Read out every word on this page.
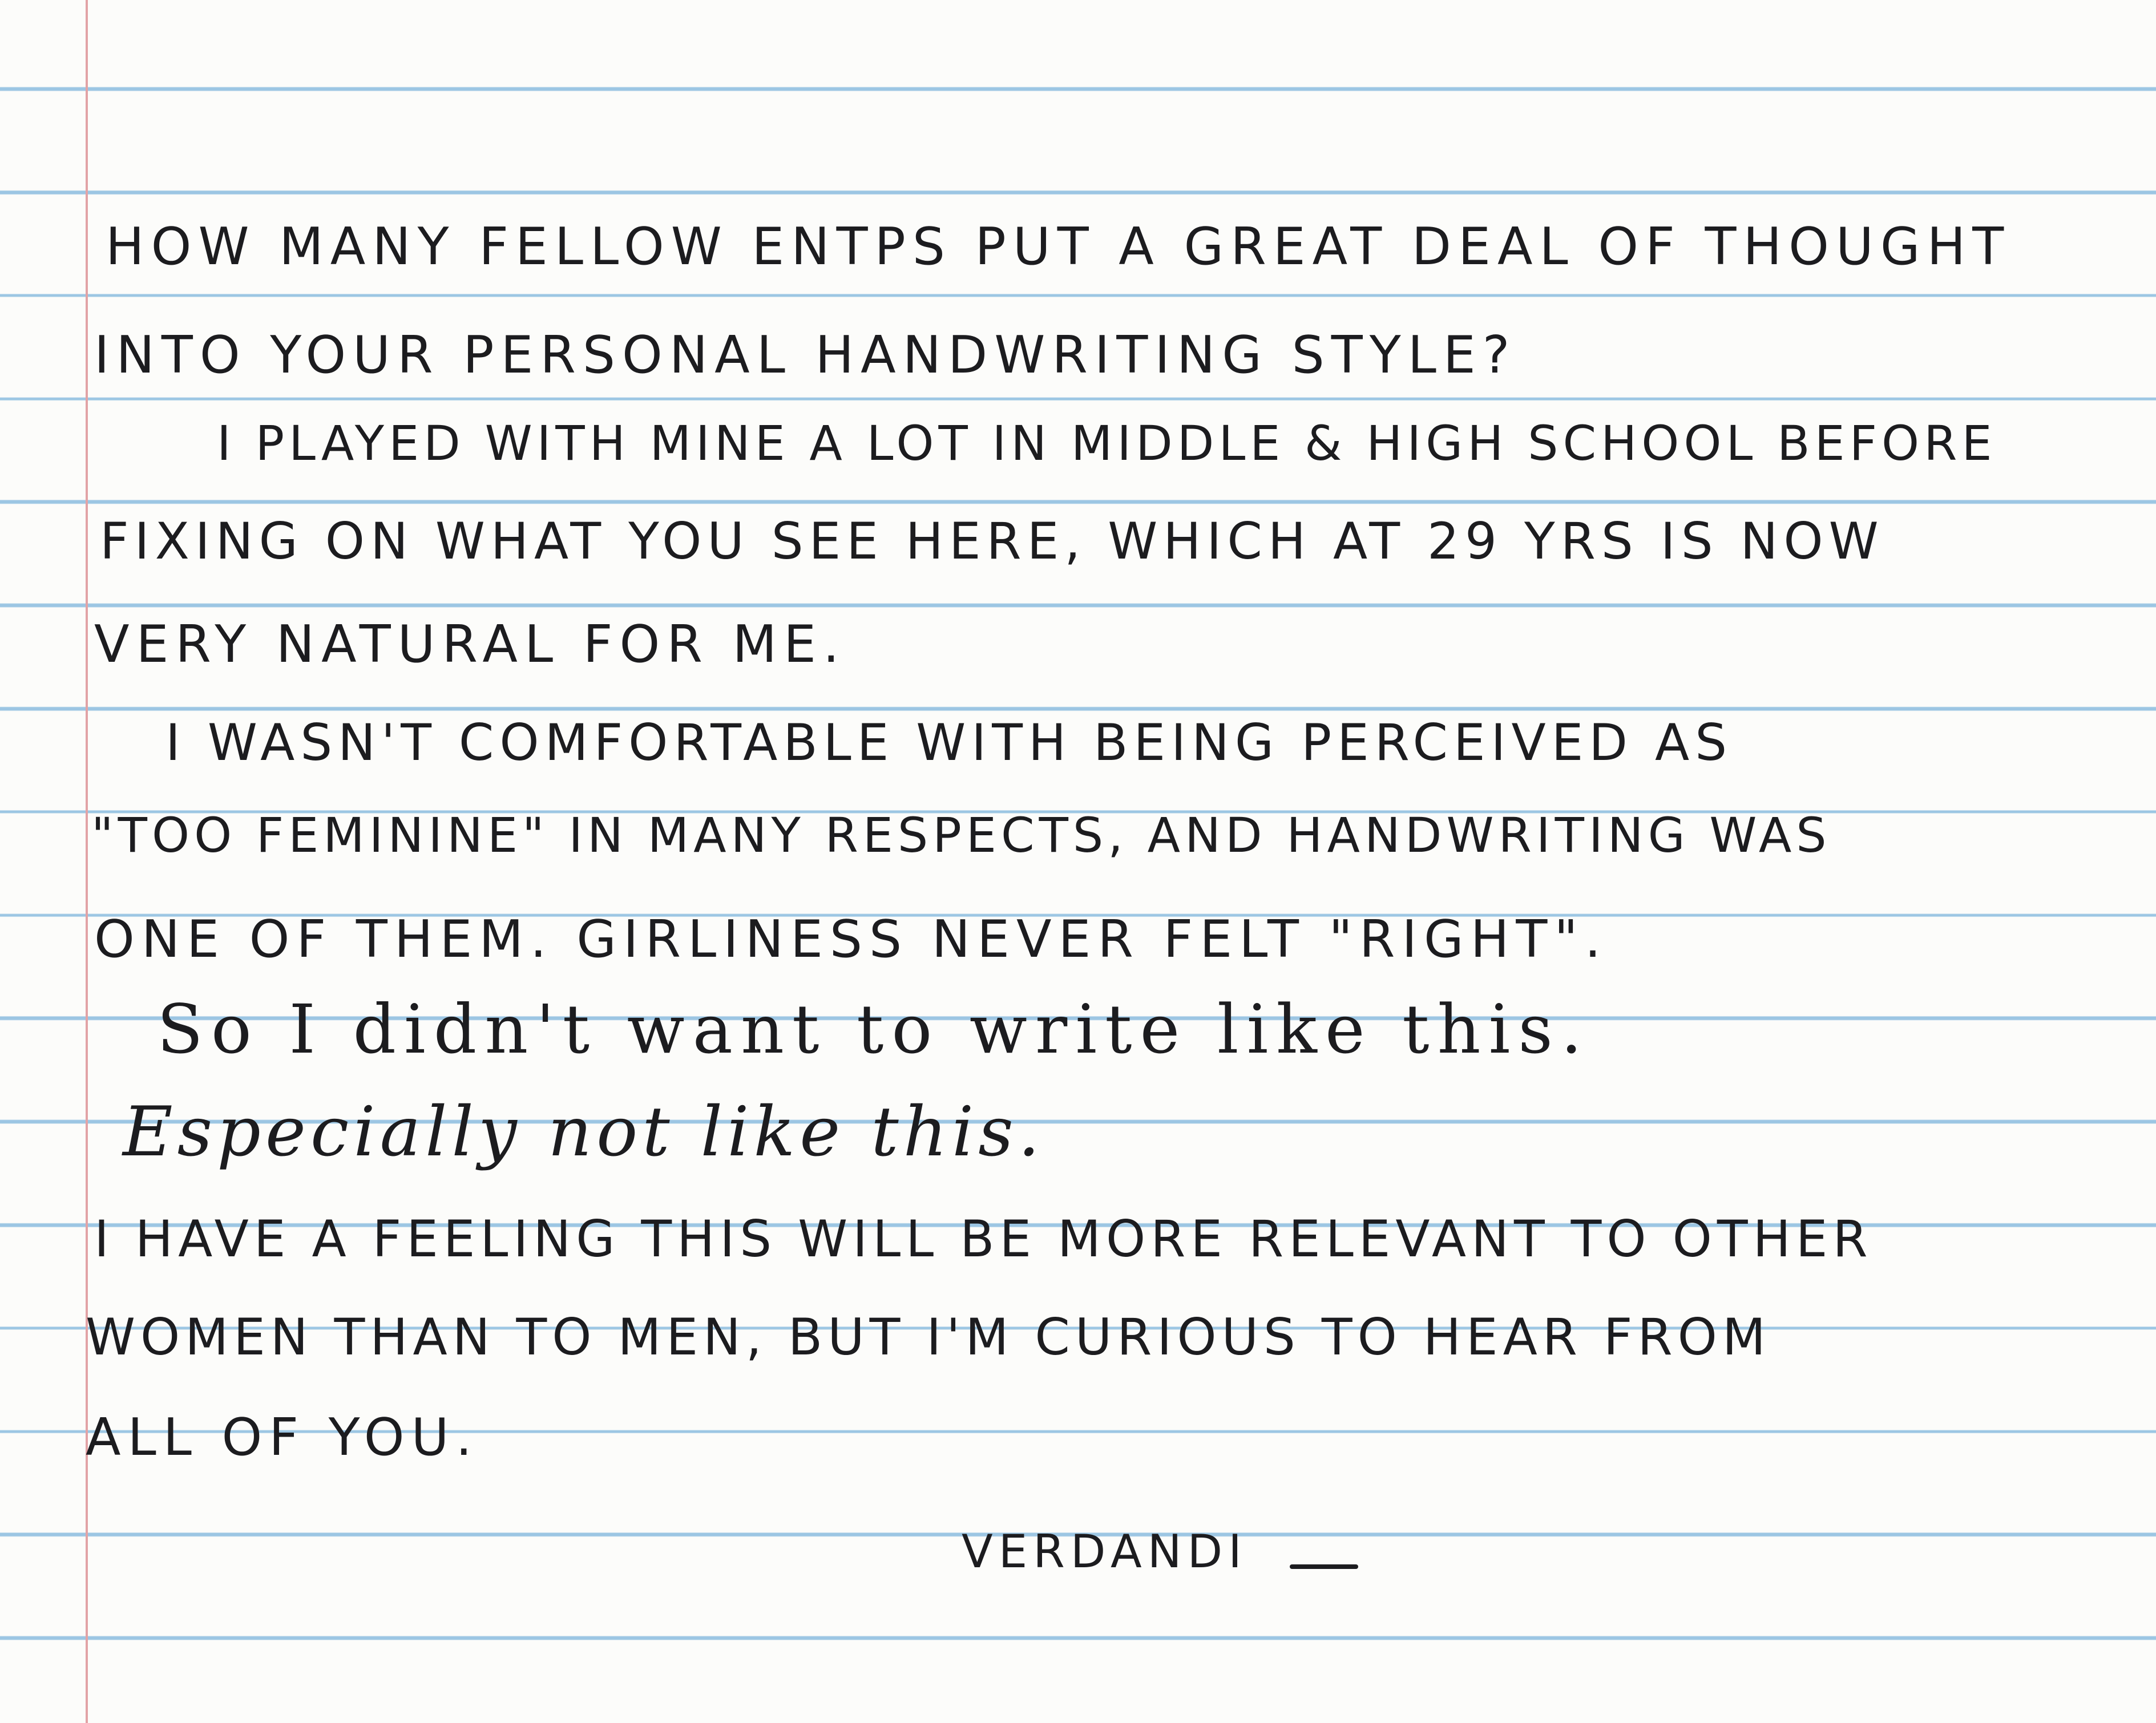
HOW MANY FELLOW ENTPS PUT A GREAT DEAL OF THOUGHT
INTO YOUR PERSONAL HANDWRITING STYLE?
I PLAYED WITH MINE A LOT IN MIDDLE & HIGH SCHOOL BEFORE
FIXING ON WHAT YOU SEE HERE, WHICH AT 29 YRS IS NOW
VERY NATURAL FOR ME.
I WASN'T COMFORTABLE WITH BEING PERCEIVED AS
"TOO FEMININE" IN MANY RESPECTS, AND HANDWRITING WAS
ONE OF THEM. GIRLINESS NEVER FELT "RIGHT".
So I didn't want to write like this.
Especially not like this.
I HAVE A FEELING THIS WILL BE MORE RELEVANT TO OTHER
WOMEN THAN TO MEN, BUT I'M CURIOUS TO HEAR FROM
ALL OF YOU.
VERDANDI
